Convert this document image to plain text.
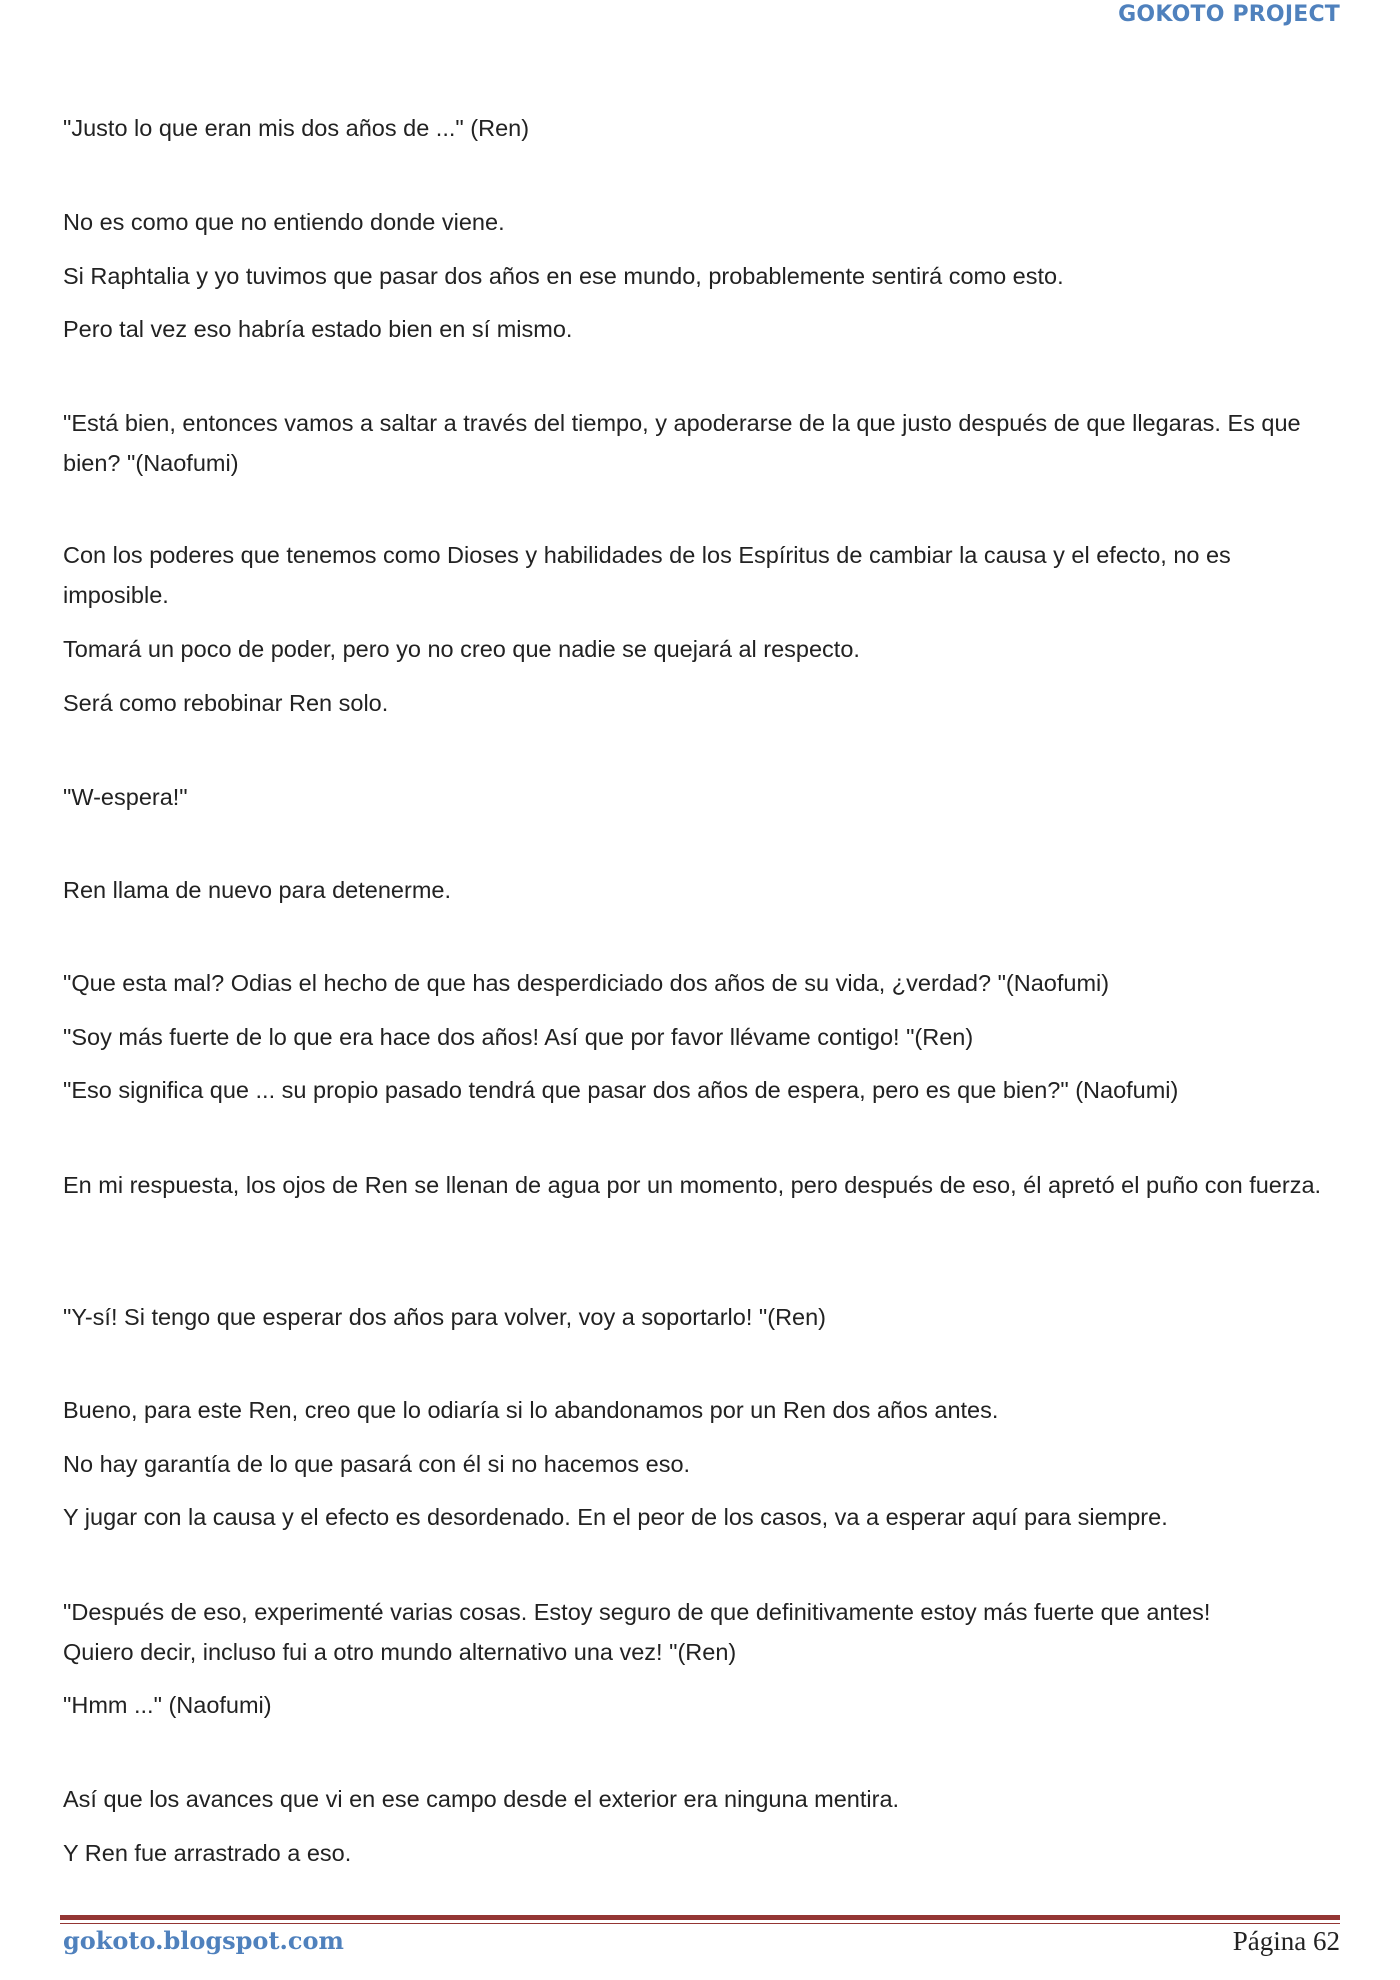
GOKOTO PROJECT

"Justo lo que eran mis dos años de ..." (Ren)

No es como que no entiendo donde viene.

Si Raphtalia y yo tuvimos que pasar dos años en ese mundo, probablemente sentirá como esto.

Pero tal vez eso habría estado bien en sí mismo.

"Está bien, entonces vamos a saltar a través del tiempo, y apoderarse de la que justo después de que llegaras. Es que bien? "(Naofumi)

Con los poderes que tenemos como Dioses y habilidades de los Espíritus de cambiar la causa y el efecto, no es imposible.

Tomará un poco de poder, pero yo no creo que nadie se quejará al respecto.

Será como rebobinar Ren solo.

"W-espera!"

Ren llama de nuevo para detenerme.

"Que esta mal? Odias el hecho de que has desperdiciado dos años de su vida, ¿verdad? "(Naofumi)

"Soy más fuerte de lo que era hace dos años! Así que por favor llévame contigo! "(Ren)

"Eso significa que ... su propio pasado tendrá que pasar dos años de espera, pero es que bien?" (Naofumi)

En mi respuesta, los ojos de Ren se llenan de agua por un momento, pero después de eso, él apretó el puño con fuerza.

"Y-sí! Si tengo que esperar dos años para volver, voy a soportarlo! "(Ren)

Bueno, para este Ren, creo que lo odiaría si lo abandonamos por un Ren dos años antes.

No hay garantía de lo que pasará con él si no hacemos eso.

Y jugar con la causa y el efecto es desordenado. En el peor de los casos, va a esperar aquí para siempre.

"Después de eso, experimenté varias cosas. Estoy seguro de que definitivamente estoy más fuerte que antes! Quiero decir, incluso fui a otro mundo alternativo una vez! "(Ren)

"Hmm ..." (Naofumi)

Así que los avances que vi en ese campo desde el exterior era ninguna mentira.

Y Ren fue arrastrado a eso.

gokoto.blogspot.com	Página 62
